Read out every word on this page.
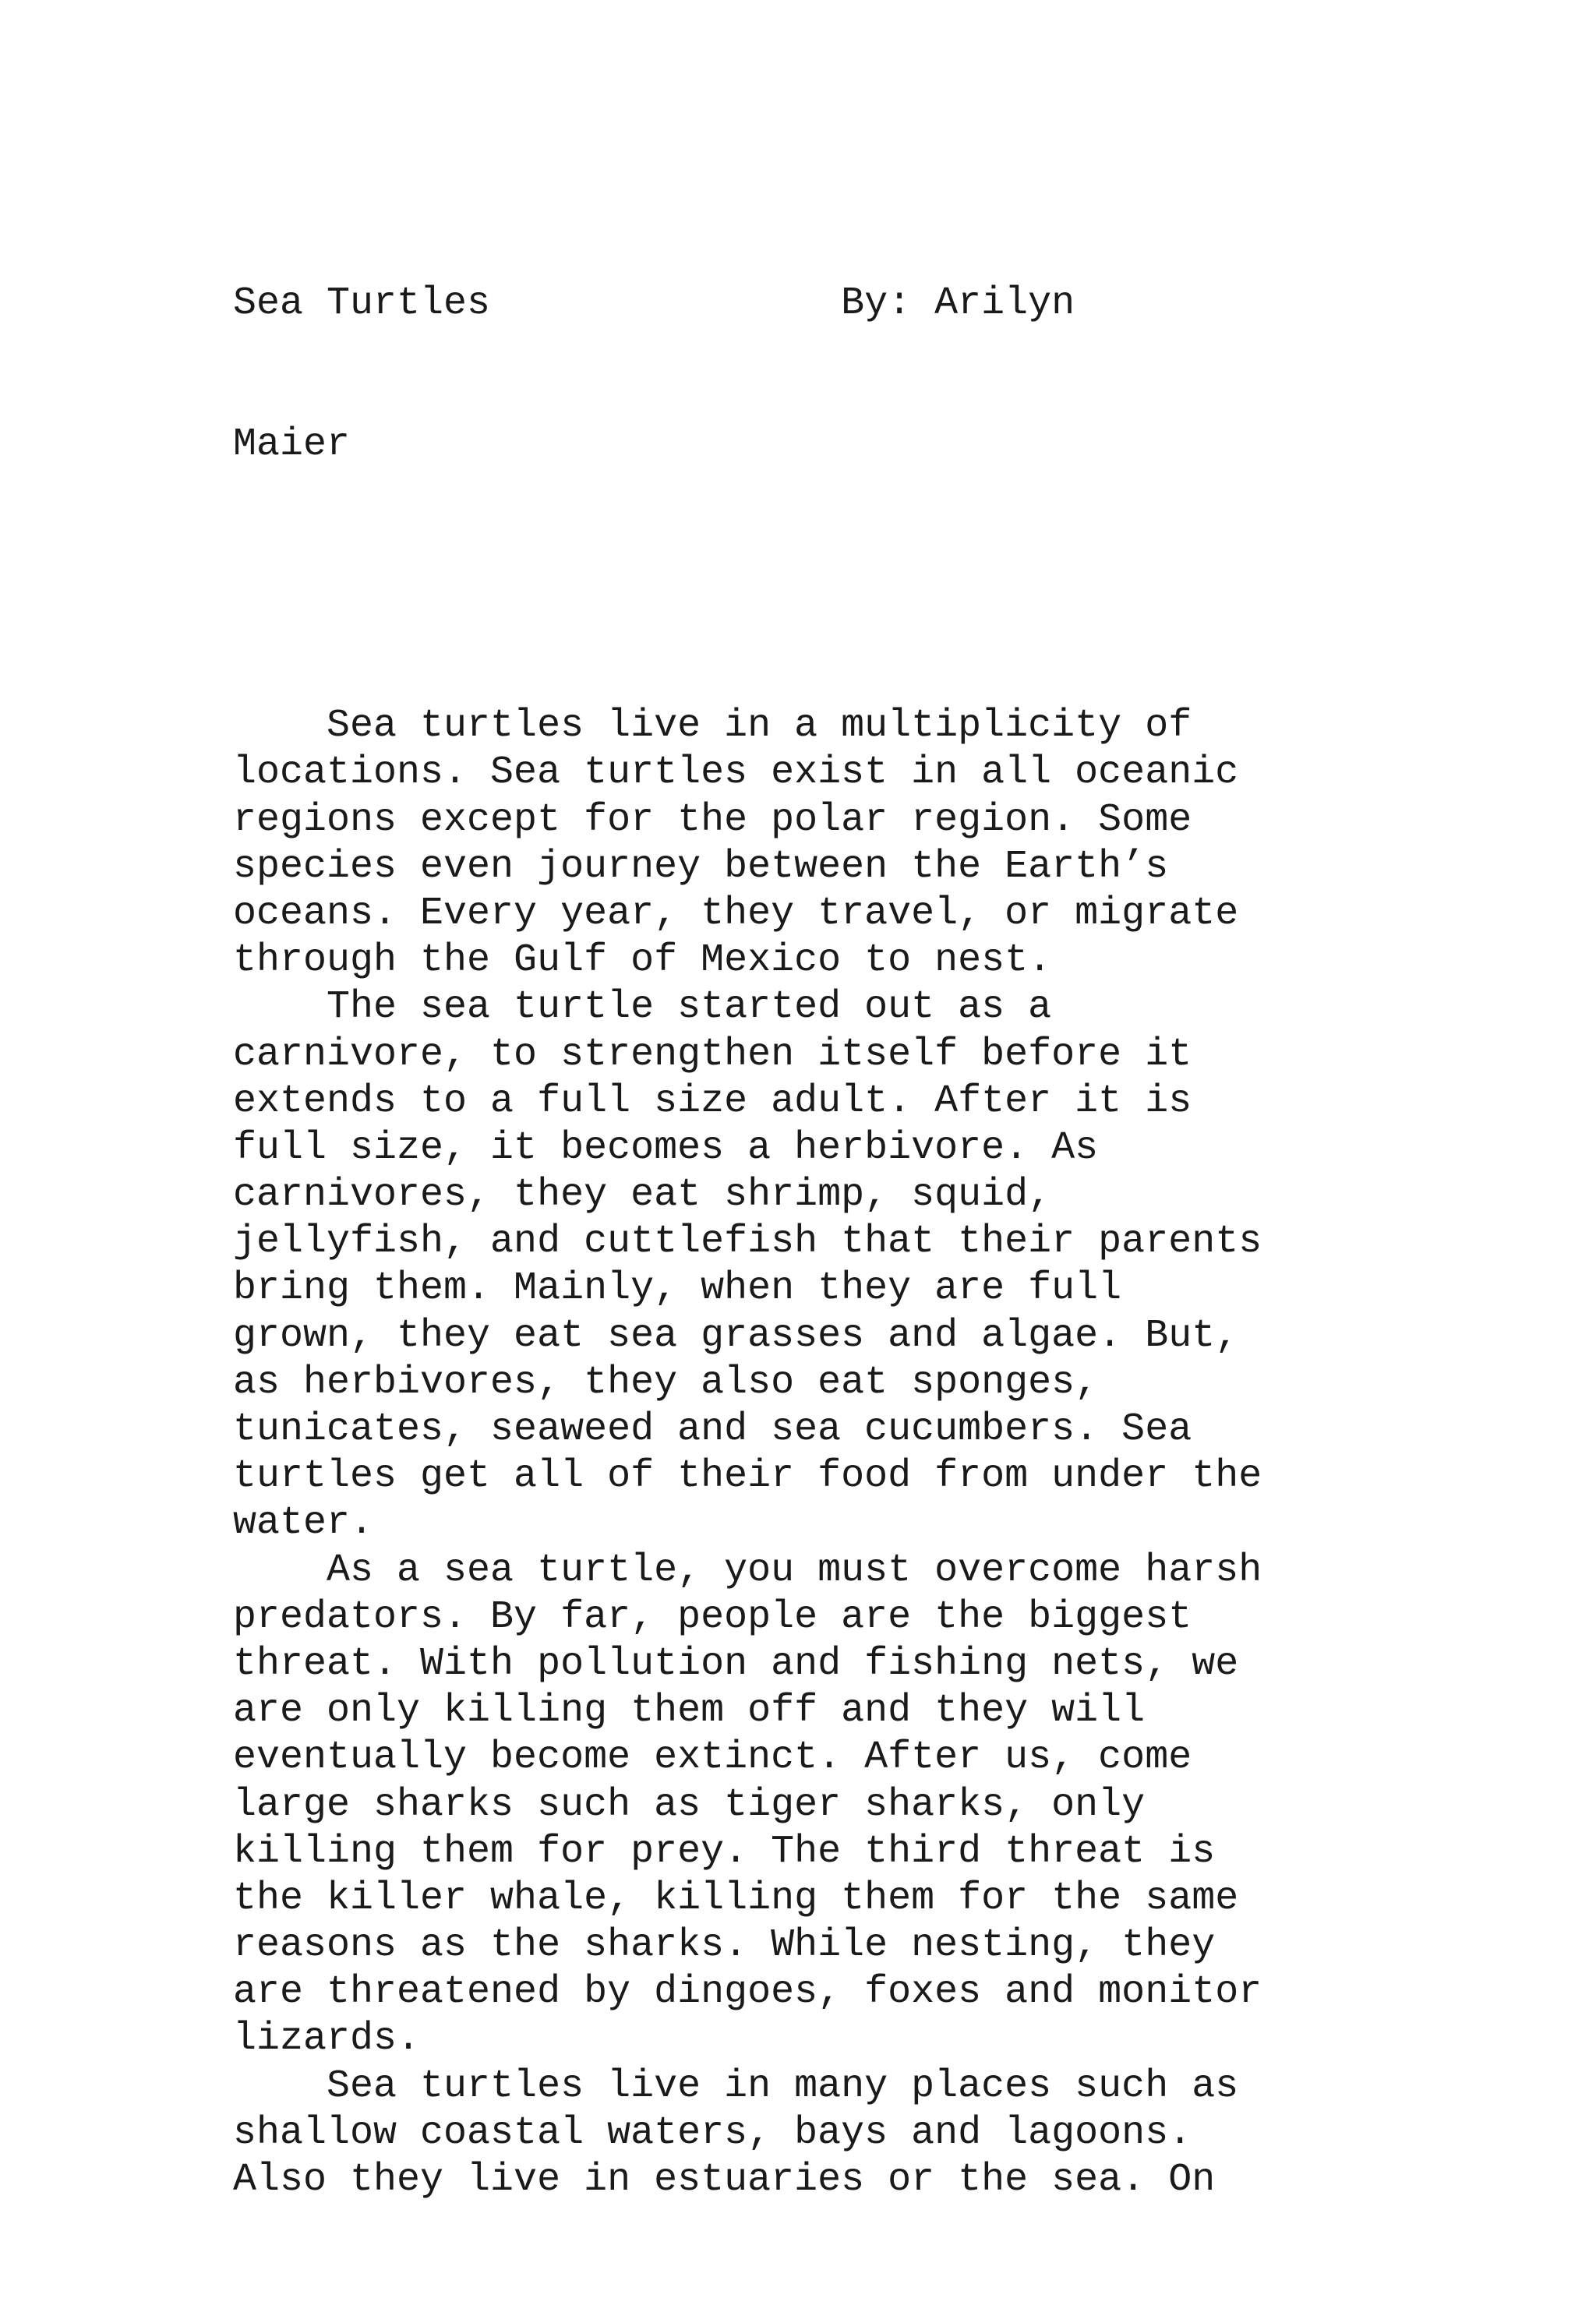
Sea Turtles	By: Arilyn

Maier

Sea turtles live in a multiplicity of
locations. Sea turtles exist in all oceanic
regions except for the polar region. Some
species even journey between the Earth’s
oceans. Every year, they travel, or migrate
through the Gulf of Mexico to nest.
The sea turtle started out as a
carnivore, to strengthen itself before it
extends to a full size adult. After it is
full size, it becomes a herbivore. As
carnivores, they eat shrimp, squid,
jellyfish, and cuttlefish that their parents
bring them. Mainly, when they are full
grown, they eat sea grasses and algae. But,
as herbivores, they also eat sponges,
tunicates, seaweed and sea cucumbers. Sea
turtles get all of their food from under the
water.
As a sea turtle, you must overcome harsh
predators. By far, people are the biggest
threat. With pollution and fishing nets, we
are only killing them off and they will
eventually become extinct. After us, come
large sharks such as tiger sharks, only
killing them for prey. The third threat is
the killer whale, killing them for the same
reasons as the sharks. While nesting, they
are threatened by dingoes, foxes and monitor
lizards.
Sea turtles live in many places such as
shallow coastal waters, bays and lagoons.
Also they live in estuaries or the sea. On
